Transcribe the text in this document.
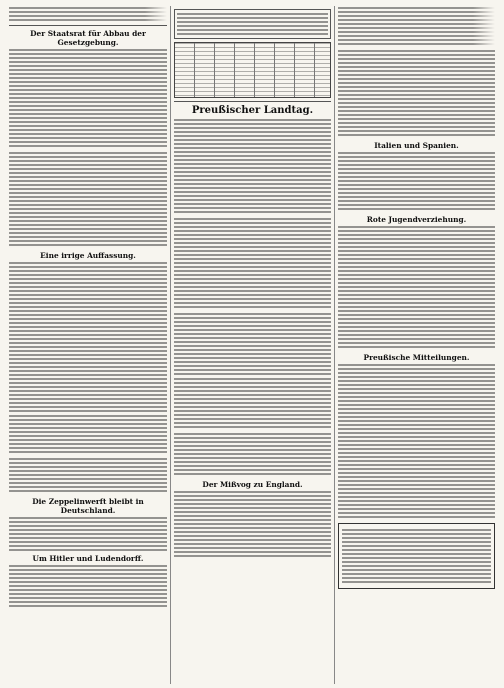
Der Staatsrat für Abbau der Gesetzgebung.
Eine irrige Auffassung.
Die Zeppelinwerft bleibt in Deutschland.
Um Hitler und Ludendorff.
Preußischer Landtag.
Der Mißvog zu England.
Italien und Spanien.
Rote Jugendverziehung.
Preußische Mitteilungen.
